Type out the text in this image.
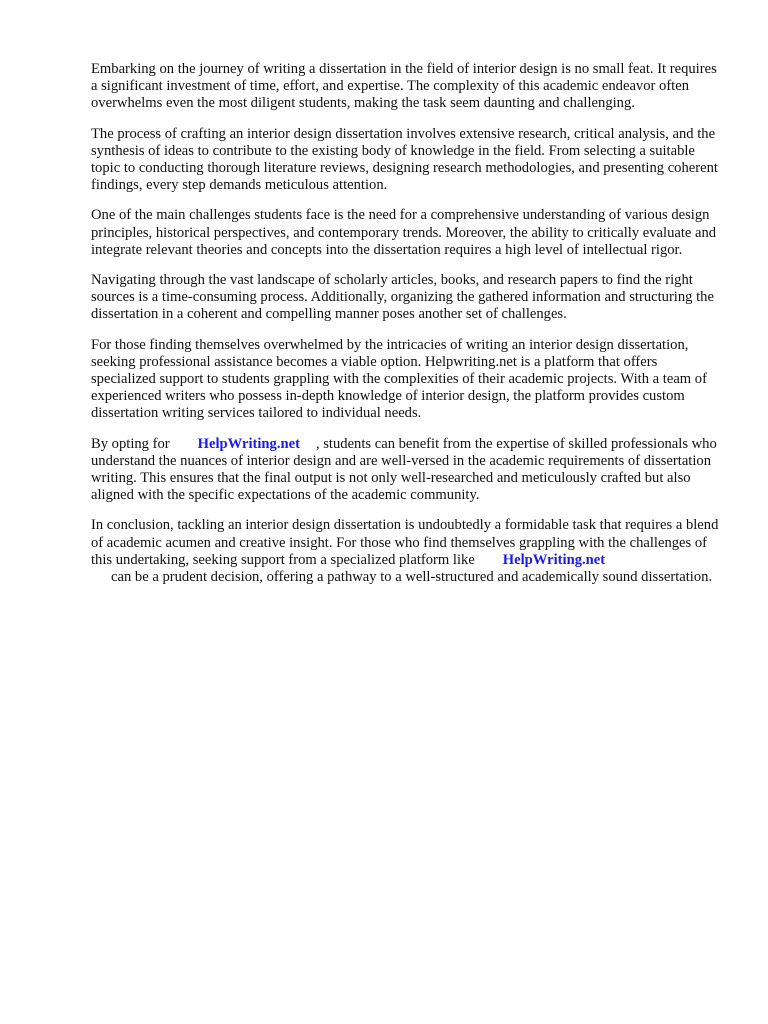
Embarking on the journey of writing a dissertation in the field of interior design is no small feat. It requires a significant investment of time, effort, and expertise. The complexity of this academic endeavor often overwhelms even the most diligent students, making the task seem daunting and challenging.

The process of crafting an interior design dissertation involves extensive research, critical analysis, and the synthesis of ideas to contribute to the existing body of knowledge in the field. From selecting a suitable topic to conducting thorough literature reviews, designing research methodologies, and presenting coherent findings, every step demands meticulous attention.

One of the main challenges students face is the need for a comprehensive understanding of various design principles, historical perspectives, and contemporary trends. Moreover, the ability to critically evaluate and integrate relevant theories and concepts into the dissertation requires a high level of intellectual rigor.

Navigating through the vast landscape of scholarly articles, books, and research papers to find the right sources is a time-consuming process. Additionally, organizing the gathered information and structuring the dissertation in a coherent and compelling manner poses another set of challenges.

For those finding themselves overwhelmed by the intricacies of writing an interior design dissertation, seeking professional assistance becomes a viable option. Helpwriting.net is a platform that offers specialized support to students grappling with the complexities of their academic projects. With a team of experienced writers who possess in-depth knowledge of interior design, the platform provides custom dissertation writing services tailored to individual needs.

By opting for HelpWriting.net , students can benefit from the expertise of skilled professionals who understand the nuances of interior design and are well-versed in the academic requirements of dissertation writing. This ensures that the final output is not only well-researched and meticulously crafted but also aligned with the specific expectations of the academic community.

In conclusion, tackling an interior design dissertation is undoubtedly a formidable task that requires a blend of academic acumen and creative insight. For those who find themselves grappling with the challenges of this undertaking, seeking support from a specialized platform like HelpWriting.net
can be a prudent decision, offering a pathway to a well-structured and academically sound dissertation.
